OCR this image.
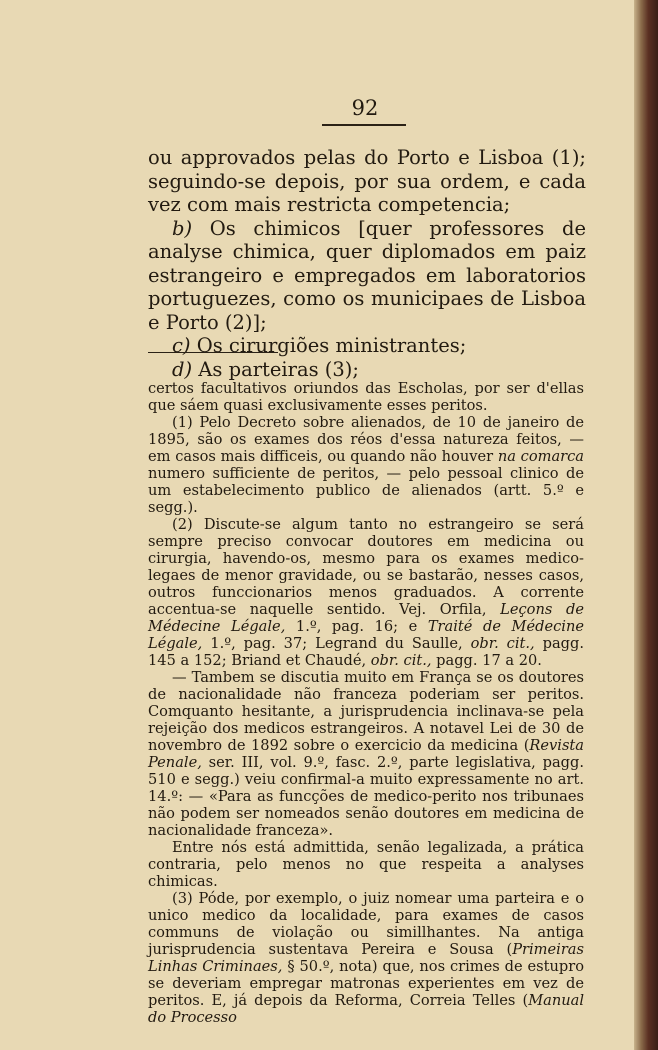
92

ou approvados pelas do Porto e Lisboa (1); seguindo-se depois, por sua ordem, e cada vez com mais restricta competencia;

b) Os chimicos [quer professores de analyse chimica, quer diplomados em paiz estrangeiro e empregados em laboratorios portuguezes, como os municipaes de Lisboa e Porto (2)];

c) Os cirurgiões ministrantes;

d) As parteiras (3);

certos facultativos oriundos das Escholas, por ser d'ellas que sáem quasi exclusivamente esses peritos.

(1) Pelo Decreto sobre alienados, de 10 de janeiro de 1895, são os exames dos réos d'essa natureza feitos, — em casos mais difficeis, ou quando não houver na comarca numero sufficiente de peritos, — pelo pessoal clinico de um estabelecimento publico de alienados (artt. 5.º e segg.).

(2) Discute-se algum tanto no estrangeiro se será sempre preciso convocar doutores em medicina ou cirurgia, havendo-os, mesmo para os exames medico-legaes de menor gravidade, ou se bastarão, nesses casos, outros funccionarios menos graduados. A corrente accentua-se naquelle sentido. Vej. Orfila, Leçons de Médecine Légale, 1.º, pag. 16; e Traité de Médecine Légale, 1.º, pag. 37; Legrand du Saulle, obr. cit., pagg. 145 a 152; Briand et Chaudé, obr. cit., pagg. 17 a 20.

— Tambem se discutia muito em França se os doutores de nacionalidade não franceza poderiam ser peritos. Comquanto hesitante, a jurisprudencia inclinava-se pela rejeição dos medicos estrangeiros. A notavel Lei de 30 de novembro de 1892 sobre o exercicio da medicina (Revista Penale, ser. III, vol. 9.º, fasc. 2.º, parte legislativa, pagg. 510 e segg.) veiu confirmal-a muito expressamente no art. 14.º: — «Para as funcções de medico-perito nos tribunaes não podem ser nomeados senão doutores em medicina de nacionalidade franceza».

Entre nós está admittida, senão legalizada, a prática contraria, pelo menos no que respeita a analyses chimicas.

(3) Póde, por exemplo, o juiz nomear uma parteira e o unico medico da localidade, para exames de casos communs de violação ou simillhantes. Na antiga jurisprudencia sustentava Pereira e Sousa (Primeiras Linhas Criminaes, § 50.º, nota) que, nos crimes de estupro se deveriam empregar matronas experientes em vez de peritos. E, já depois da Reforma, Correia Telles (Manual do Processo
